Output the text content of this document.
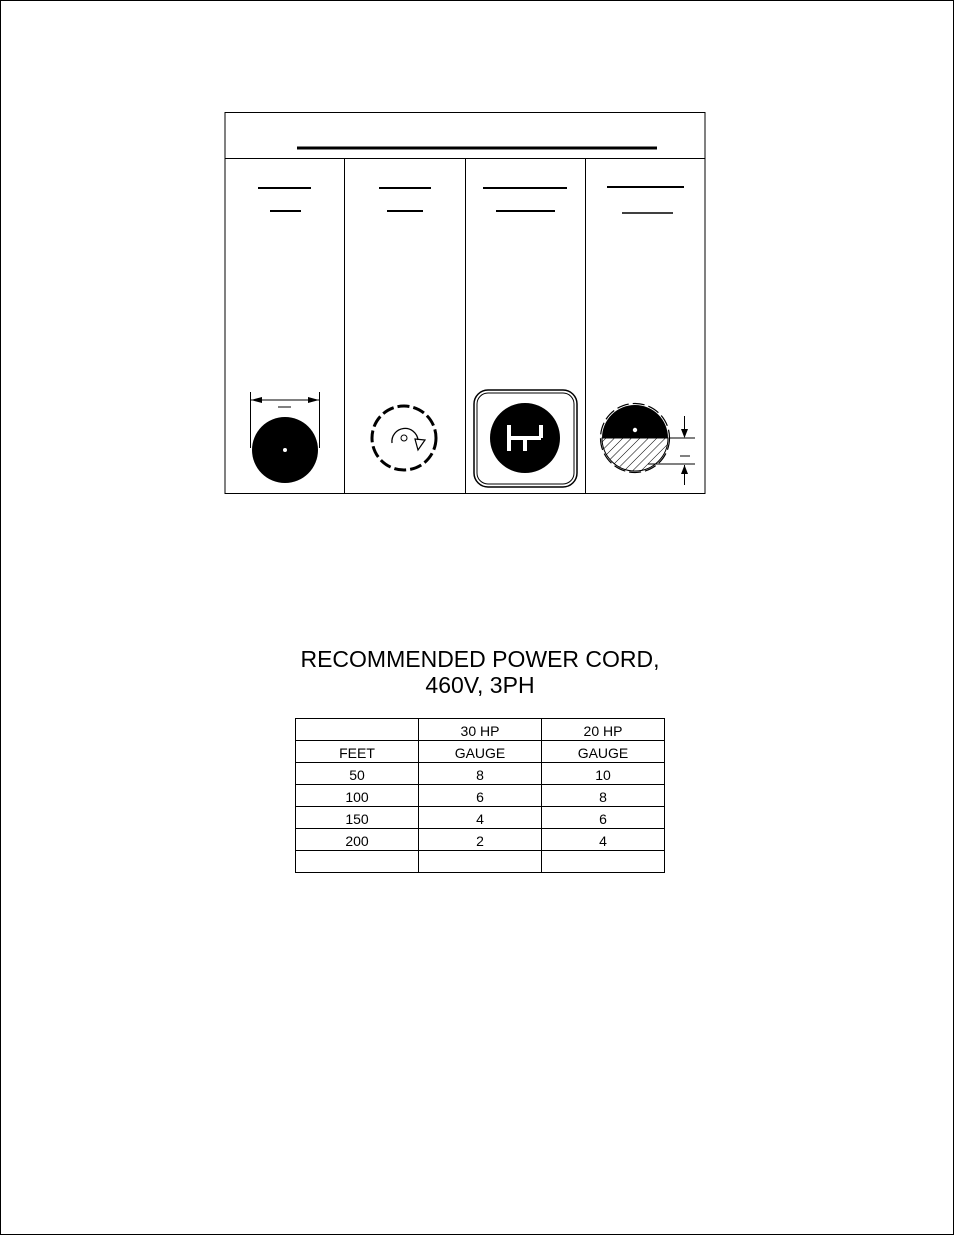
RECOMMENDED POWER CORD,
460V, 3PH
	30 HP	20 HP
FEET	GAUGE	GAUGE
50	8	10
100	6	8
150	4	6
200	2	4
